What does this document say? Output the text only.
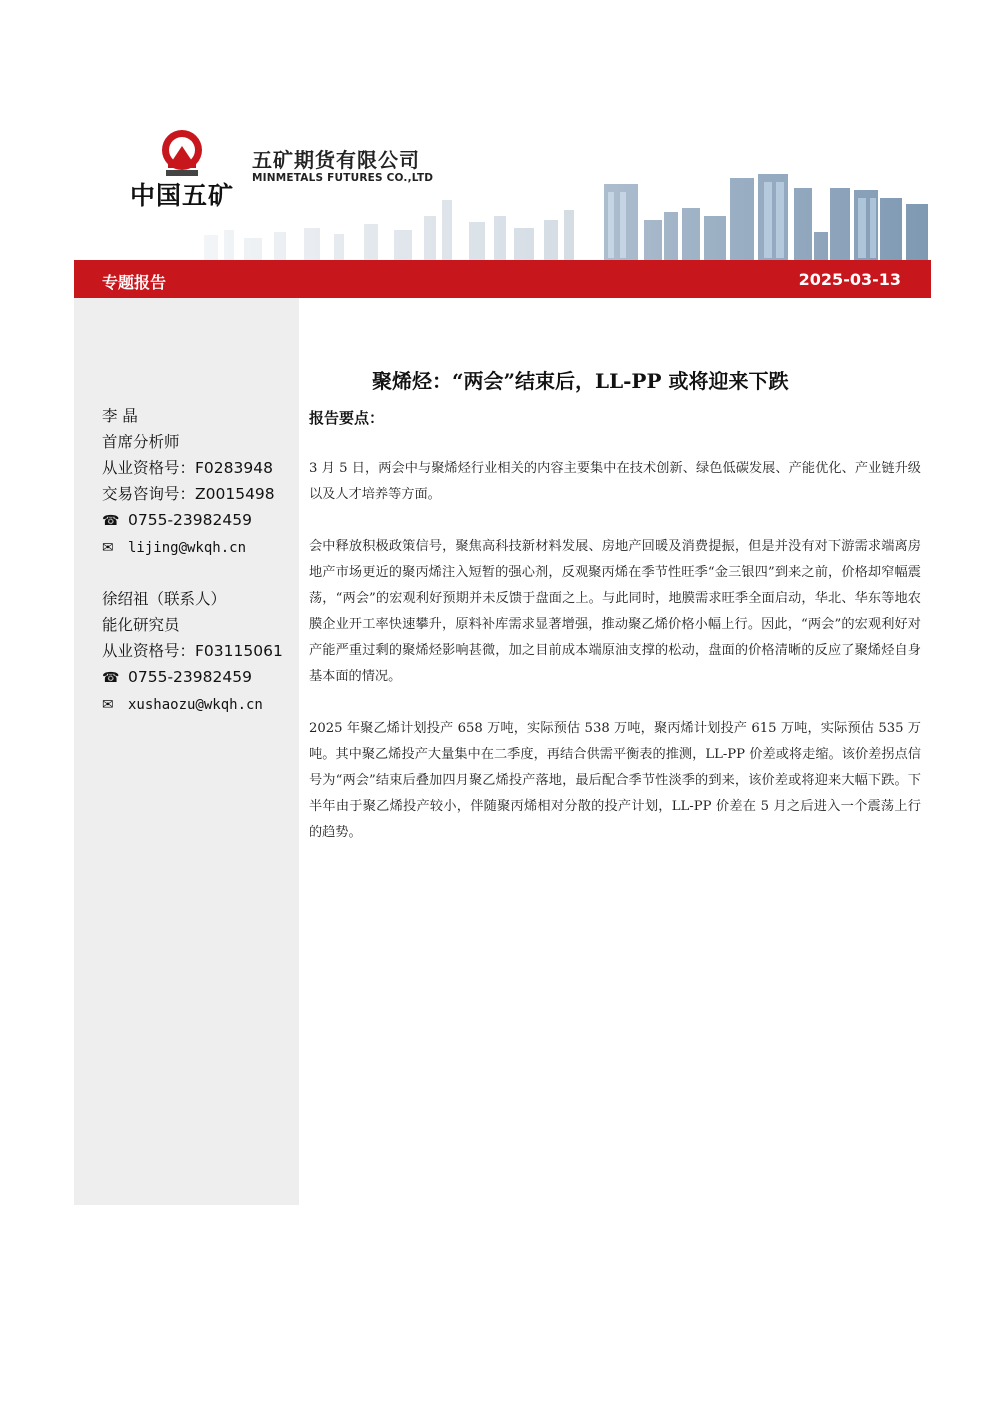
中国五矿
五矿期货有限公司
MINMETALS FUTURES CO.,LTD
专题报告	2025-03-13
李 晶
首席分析师
从业资格号：F0283948
交易咨询号：Z0015498
☎ 0755-23982459
✉ lijing@wkqh.cn
徐绍祖（联系人）
能化研究员
从业资格号：F03115061
☎ 0755-23982459
✉ xushaozu@wkqh.cn
聚烯烃：“两会”结束后，LL-PP 或将迎来下跌
报告要点：
3 月 5 日，两会中与聚烯烃行业相关的内容主要集中在技术创新、绿色低碳发展、产能优化、产业链升级以及人才培养等方面。
会中释放积极政策信号，聚焦高科技新材料发展、房地产回暖及消费提振，但是并没有对下游需求端离房地产市场更近的聚丙烯注入短暂的强心剂，反观聚丙烯在季节性旺季“金三银四”到来之前，价格却窄幅震荡，“两会”的宏观利好预期并未反馈于盘面之上。与此同时，地膜需求旺季全面启动，华北、华东等地农膜企业开工率快速攀升，原料补库需求显著增强，推动聚乙烯价格小幅上行。因此，“两会”的宏观利好对产能严重过剩的聚烯烃影响甚微，加之目前成本端原油支撑的松动，盘面的价格清晰的反应了聚烯烃自身基本面的情况。
2025 年聚乙烯计划投产 658 万吨，实际预估 538 万吨，聚丙烯计划投产 615 万吨，实际预估 535 万吨。其中聚乙烯投产大量集中在二季度，再结合供需平衡表的推测，LL-PP 价差或将走缩。该价差拐点信号为“两会”结束后叠加四月聚乙烯投产落地，最后配合季节性淡季的到来，该价差或将迎来大幅下跌。下半年由于聚乙烯投产较小，伴随聚丙烯相对分散的投产计划，LL-PP 价差在 5 月之后进入一个震荡上行的趋势。
